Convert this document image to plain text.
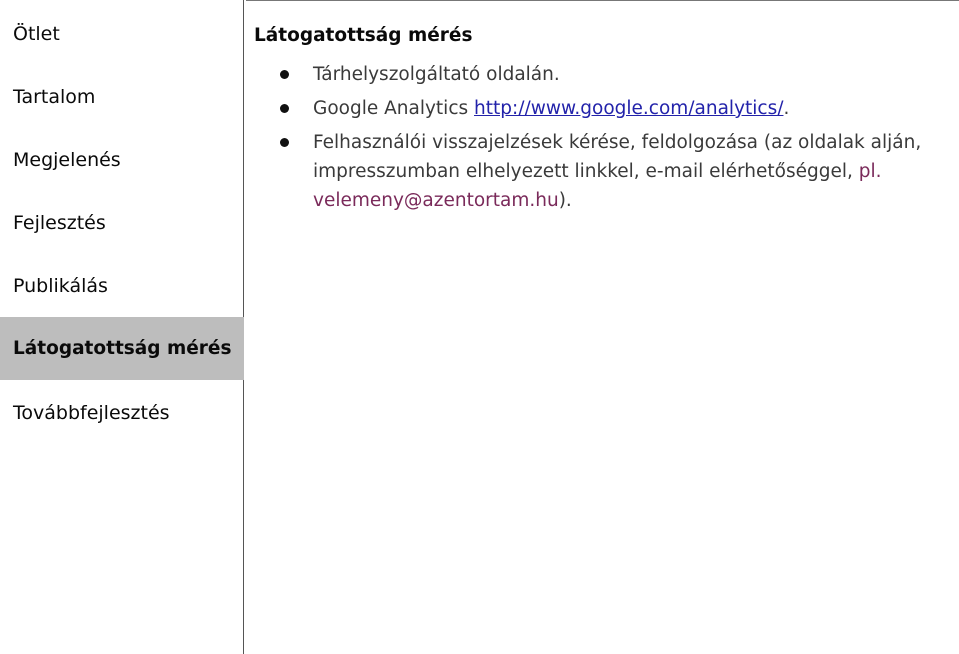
Ötlet
Tartalom
Megjelenés
Fejlesztés
Publikálás
Látogatottság mérés
Továbbfejlesztés
Látogatottság mérés
Tárhelyszolgáltató oldalán.
Google Analytics http://www.google.com/analytics/.
Felhasználói visszajelzések kérése, feldolgozása (az oldalak alján, impresszumban elhelyezett linkkel, e-mail elérhetőséggel, pl. velemeny@azentortam.hu).
